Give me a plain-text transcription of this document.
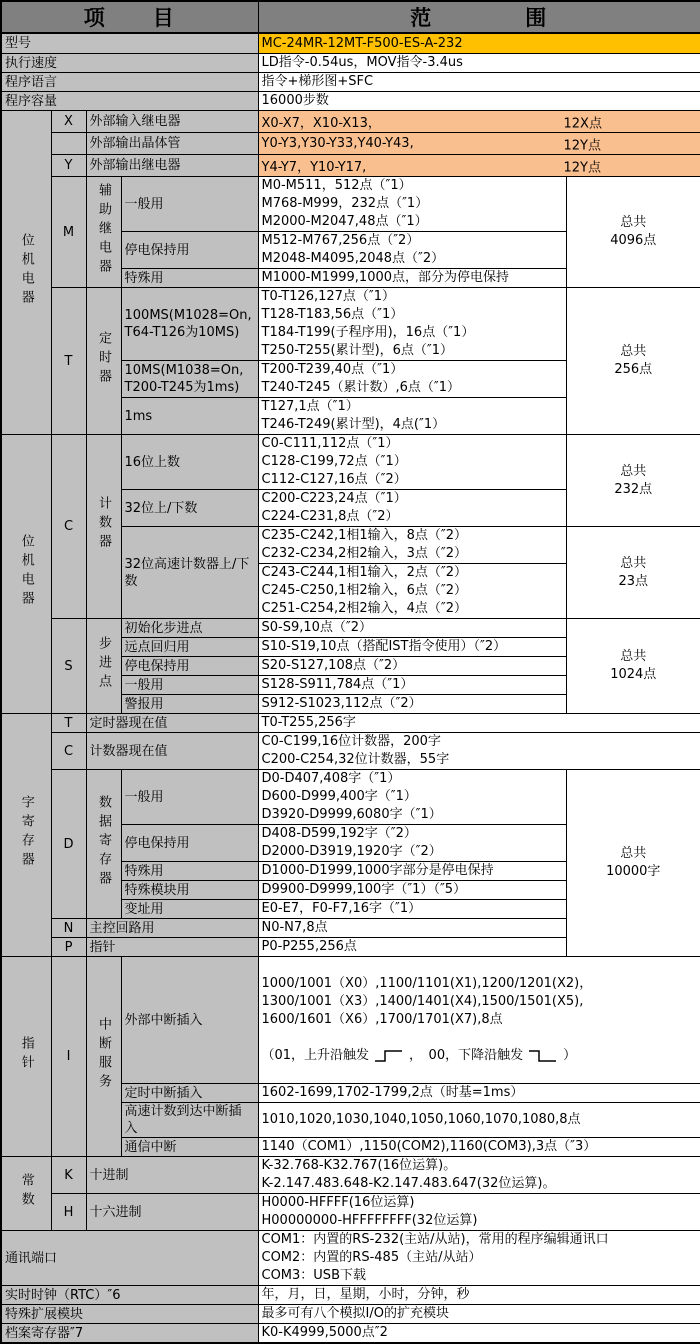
项　　目				范　　　　围	
型号				MC-24MR-12MT-F500-ES-A-232	
执行速度				LD指令-0.54us，MOV指令-3.4us	
程序语言				指令+梯形图+SFC	
程序容量				16000步数	
位机电器	X	外部输入继电器		X0-X7，X10-X13， 12X点	

		外部输出晶体管		Y0-Y3,Y30-Y33,Y40-Y43, 12Y点	

	Y	外部输出继电器		Y4-Y7，Y10-Y17, 12Y点	

	M	辅助继电器	一般用	M0-M511，512点（″1）
M768-M999，232点（″1）
M2000-M2047,48点（″1）	总共
4096点
			停电保持用	M512-M767,256点（″2）
M2048-M4095,2048点（″2）	
			特殊用	M1000-M1999,1000点，部分为停电保持	
	T	定时器	100MS(M1028=On,
T64-T126为10MS)	T0-T126,127点（″1）
T128-T183,56点（″1）
T184-T199(子程序用)，16点（″1）
T250-T255(累计型)，6点（″1）	总共
256点
			10MS(M1038=On,
T200-T245为1ms)	T200-T239,40点（″1）
T240-T245（累计数）,6点（″1）	
			1ms	T127,1点（″1）
T246-T249(累计型)，4点(″1）	
位机电器	C	计数器	16位上数	C0-C111,112点（″1）
C128-C199,72点（″1）
C112-C127,16点（″2）	总共
232点
			32位上/下数	C200-C223,24点（″1）
C224-C231,8点（″2）	
			32位高速计数器上/下
数	C235-C242,1相1输入，8点（″2）
C232-C234,2相2输入，3点（″2）	总共
23点
				C243-C244,1相1输入，2点（″2）
C245-C250,1相2输入，6点（″2）
C251-C254,2相2输入，4点（″2）	
	S	步进点	初始化步进点	S0-S9,10点（″2）	总共
1024点
			远点回归用	S10-S19,10点（搭配IST指令使用）（″2）	
			停电保持用	S20-S127,108点（″2）	
			一般用	S128-S911,784点（″1）	
			警报用	S912-S1023,112点（″2）	
字寄存器	T	定时器现在值		T0-T255,256字	
	C	计数器现在值		C0-C199,16位计数器，200字
C200-C254,32位计数器，55字	
	D	数据寄存器	一般用	D0-D407,408字（″1）
D600-D999,400字（″1）
D3920-D9999,6080字（″1）	总共
10000字
			停电保持用	D408-D599,192字（″2）
D2000-D3919,1920字（″2）	
			特殊用	D1000-D1999,1000字部分是停电保持	
			特殊模块用	D9900-D9999,100字（″1）（″5）	
			变址用	E0-E7，F0-F7,16字（″1）	
	N	主控回路用		N0-N7,8点	
	P	指针		P0-P255,256点	
指针	I	中断服务	外部中断插入	1000/1001（X0）,1100/1101(X1),1200/1201(X2)，
1300/1001（X3）,1400/1401(X4),1500/1501(X5),
1600/1601（X6）,1700/1701(X7),8点

（01，上升沿触发 ，　00，下降沿触发 ）	

			定时中断插入	1602-1699,1702-1799,2点（时基=1ms）	
			高速计数到达中断插
入	1010,1020,1030,1040,1050,1060,1070,1080,8点	
			通信中断	1140（COM1）,1150(COM2),1160(COM3),3点（″3）	
常数	K	十进制		K-32.768-K32.767(16位运算)。
K-2.147.483.648-K2.147.483.647(32位运算)。	
	H	十六进制		H0000-HFFFF(16位运算)
H00000000-HFFFFFFFF(32位运算)	
通讯端口				COM1：内置的RS-232(主站/从站)，常用的程序编辑通讯口
COM2：内置的RS-485（主站/从站）
COM3：USB下载	
实时时钟（RTC）″6				年，月，日，星期，小时，分钟，秒	
特殊扩展模块				最多可有八个模拟I/O的扩充模块	
档案寄存器″7				K0-K4999,5000点″2	
